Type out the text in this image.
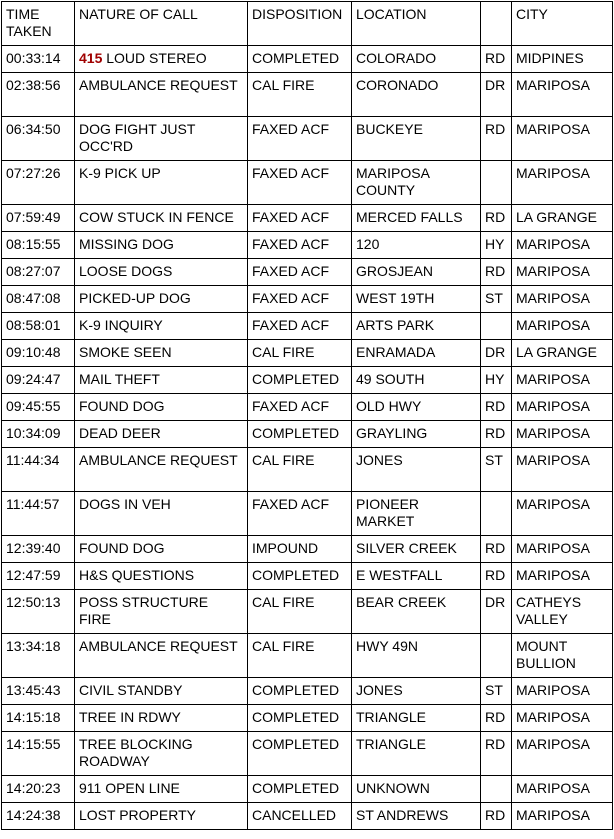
TIME TAKEN	NATURE OF CALL	DISPOSITION	LOCATION		CITY
00:33:14	415 LOUD STEREO	COMPLETED	COLORADO	RD	MIDPINES
02:38:56	AMBULANCE REQUEST	CAL FIRE	CORONADO	DR	MARIPOSA
06:34:50	DOG FIGHT JUST OCC'RD	FAXED ACF	BUCKEYE	RD	MARIPOSA
07:27:26	K-9 PICK UP	FAXED ACF	MARIPOSA COUNTY		MARIPOSA
07:59:49	COW STUCK IN FENCE	FAXED ACF	MERCED FALLS	RD	LA GRANGE
08:15:55	MISSING DOG	FAXED ACF	120	HY	MARIPOSA
08:27:07	LOOSE DOGS	FAXED ACF	GROSJEAN	RD	MARIPOSA
08:47:08	PICKED-UP DOG	FAXED ACF	WEST 19TH	ST	MARIPOSA
08:58:01	K-9 INQUIRY	FAXED ACF	ARTS PARK		MARIPOSA
09:10:48	SMOKE SEEN	CAL FIRE	ENRAMADA	DR	LA GRANGE
09:24:47	MAIL THEFT	COMPLETED	49 SOUTH	HY	MARIPOSA
09:45:55	FOUND DOG	FAXED ACF	OLD HWY	RD	MARIPOSA
10:34:09	DEAD DEER	COMPLETED	GRAYLING	RD	MARIPOSA
11:44:34	AMBULANCE REQUEST	CAL FIRE	JONES	ST	MARIPOSA
11:44:57	DOGS IN VEH	FAXED ACF	PIONEER MARKET		MARIPOSA
12:39:40	FOUND DOG	IMPOUND	SILVER CREEK	RD	MARIPOSA
12:47:59	H&S QUESTIONS	COMPLETED	E WESTFALL	RD	MARIPOSA
12:50:13	POSS STRUCTURE FIRE	CAL FIRE	BEAR CREEK	DR	CATHEYS VALLEY
13:34:18	AMBULANCE REQUEST	CAL FIRE	HWY 49N		MOUNT BULLION
13:45:43	CIVIL STANDBY	COMPLETED	JONES	ST	MARIPOSA
14:15:18	TREE IN RDWY	COMPLETED	TRIANGLE	RD	MARIPOSA
14:15:55	TREE BLOCKING ROADWAY	COMPLETED	TRIANGLE	RD	MARIPOSA
14:20:23	911 OPEN LINE	COMPLETED	UNKNOWN		MARIPOSA
14:24:38	LOST PROPERTY	CANCELLED	ST ANDREWS	RD	MARIPOSA
